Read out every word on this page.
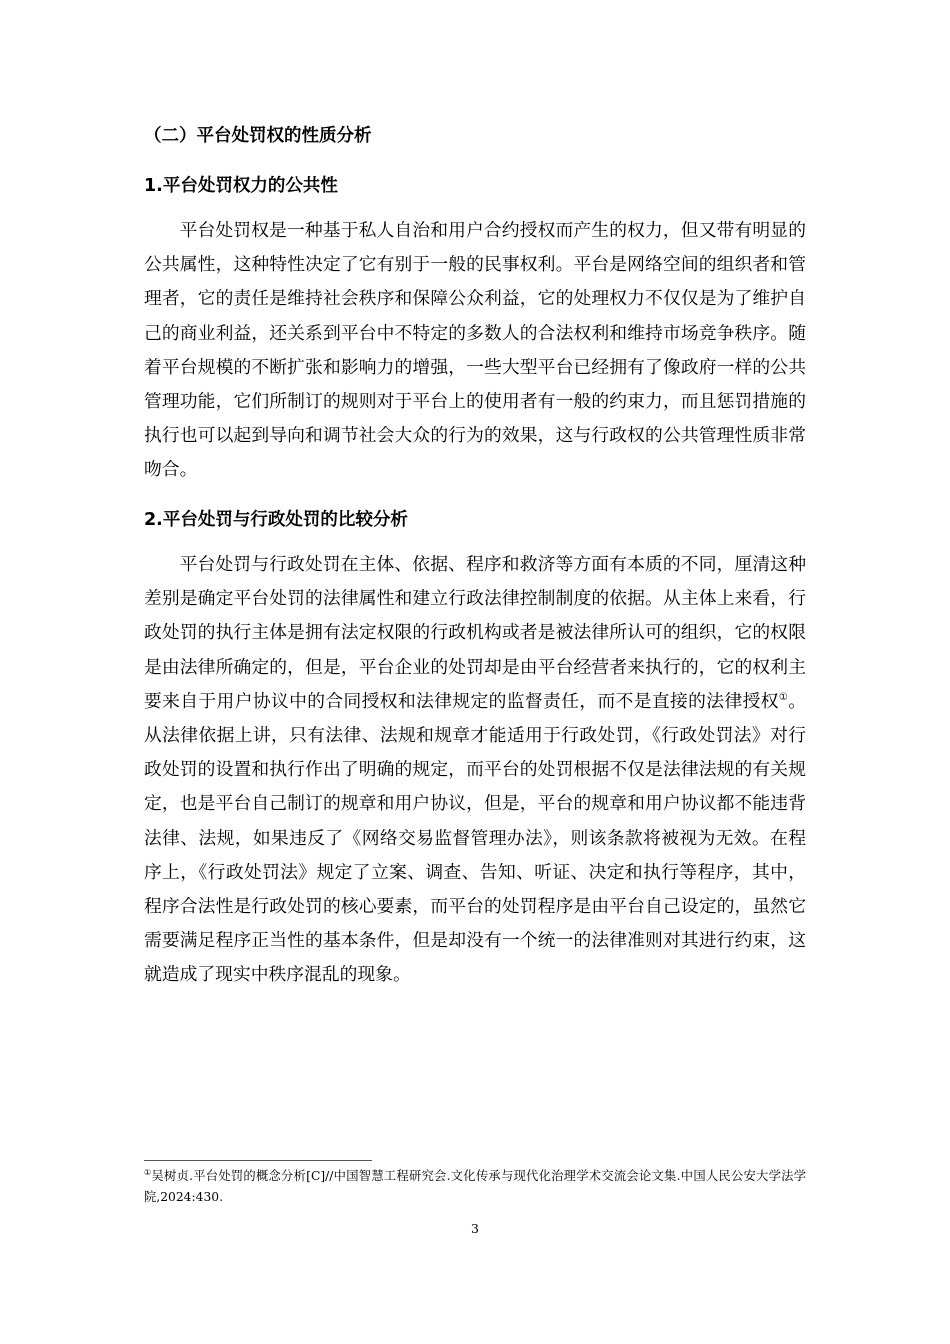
（二）平台处罚权的性质分析
1.平台处罚权力的公共性

平台处罚权是一种基于私人自治和用户合约授权而产生的权力，但又带有明显的公共属性，这种特性决定了它有别于一般的民事权利。平台是网络空间的组织者和管理者，它的责任是维持社会秩序和保障公众利益，它的处理权力不仅仅是为了维护自己的商业利益，还关系到平台中不特定的多数人的合法权利和维持市场竞争秩序。随着平台规模的不断扩张和影响力的增强，一些大型平台已经拥有了像政府一样的公共管理功能，它们所制订的规则对于平台上的使用者有一般的约束力，而且惩罚措施的执行也可以起到导向和调节社会大众的行为的效果，这与行政权的公共管理性质非常吻合。

2.平台处罚与行政处罚的比较分析

平台处罚与行政处罚在主体、依据、程序和救济等方面有本质的不同，厘清这种差别是确定平台处罚的法律属性和建立行政法律控制制度的依据。从主体上来看，行政处罚的执行主体是拥有法定权限的行政机构或者是被法律所认可的组织，它的权限是由法律所确定的，但是，平台企业的处罚却是由平台经营者来执行的，它的权利主要来自于用户协议中的合同授权和法律规定的监督责任，而不是直接的法律授权①。从法律依据上讲，只有法律、法规和规章才能适用于行政处罚，《行政处罚法》对行政处罚的设置和执行作出了明确的规定，而平台的处罚根据不仅是法律法规的有关规定，也是平台自己制订的规章和用户协议，但是，平台的规章和用户协议都不能违背法律、法规，如果违反了《网络交易监督管理办法》，则该条款将被视为无效。在程序上，《行政处罚法》规定了立案、调查、告知、听证、决定和执行等程序，其中，程序合法性是行政处罚的核心要素，而平台的处罚程序是由平台自己设定的，虽然它需要满足程序正当性的基本条件，但是却没有一个统一的法律准则对其进行约束，这就造成了现实中秩序混乱的现象。

①吴树贞.平台处罚的概念分析[C]//中国智慧工程研究会.文化传承与现代化治理学术交流会论文集.中国人民公安大学法学院,2024:430.
3
